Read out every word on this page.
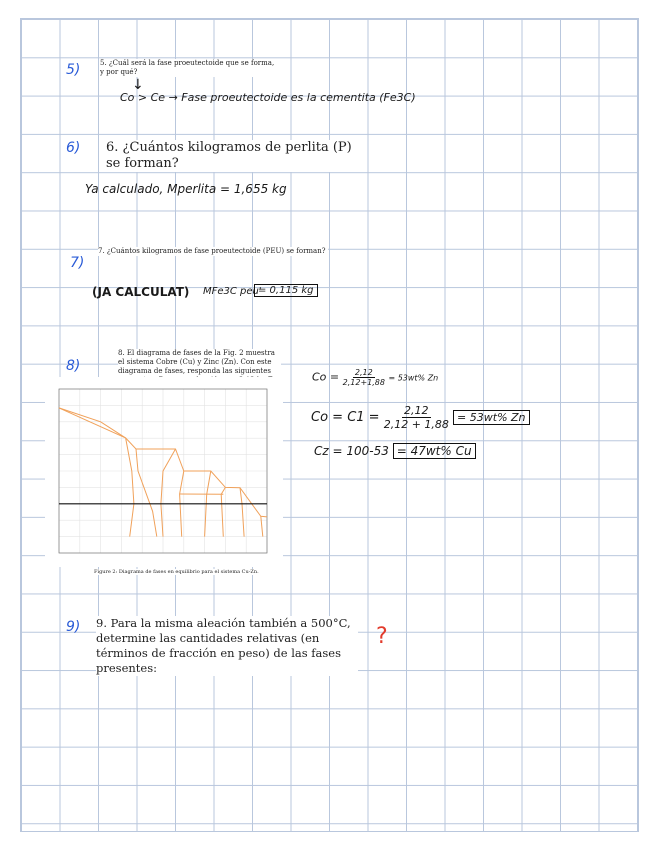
5)	5. ¿Cuál será la fase proeutectoide que se forma, y por qué?
↓
Co > Ce → Fase proeutectoide es la cementita (Fe3C)
6) 6. ¿Cuántos kilogramos de perlita (P) se forman?
Ya calculado, Mperlita = 1,655 kg
7)
7. ¿Cuántos kilogramos de fase proeutectoide (PEU) se forman?
(JA CALCULAT) MFe3C peu'
= 0,115 kg
8)
8. El diagrama de fases de la Fig. 2 muestra el sistema Cobre (Cu) y Zinc (Zn). Con este diagrama de fases, responda las siguientes
Figure 2: Diagrama de fases en equilibrio para el sistema Cu-Zn.
$Co = \frac{2,12}{2,12+1,88} = 53wt\%$ Zn
$Co = C1 = \frac{2,12}{2,12 + 1,88} = 53wt\%$ Zn
Cz = 100-53 = 47wt% Cu
9) 9. Para la misma aleación también a 500°C, determine las cantidades relativas (en términos de fracción en peso) de las fases presentes:
?
